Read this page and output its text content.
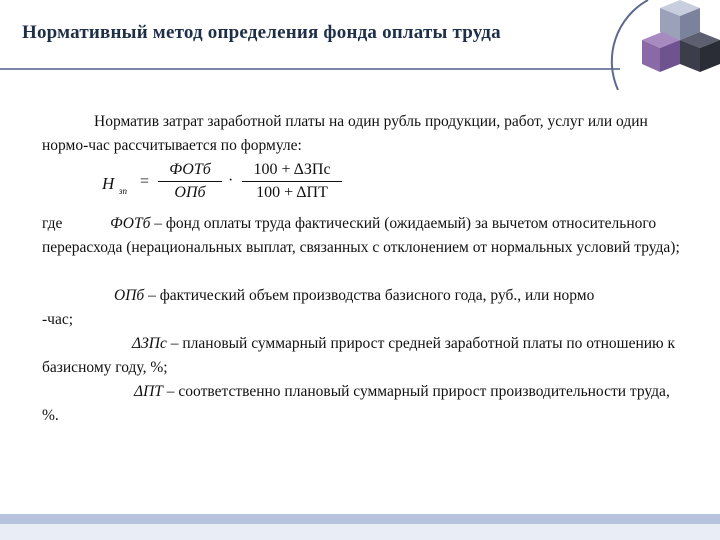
Нормативный метод определения фонда оплаты труда

Норматив затрат заработной платы на один рубль продукции, работ, услуг или один нормо-час рассчитывается по формуле:

H зп
=
ФОТб
ОПб
·
100 + ΔЗПс
100 + ΔПТ
где	ФОТб – фонд оплаты труда фактический (ожидаемый) за вычетом относительного перерасхода (нерациональных выплат, связанных с отклонением от нормальных условий труда);
ОПб – фактический объем производства базисного года, руб., или нормо
-час;
ΔЗПс – плановый суммарный прирост средней заработной платы по отношению к базисному году, %;
ΔПТ – соответственно плановый суммарный прирост производительности труда, %.
